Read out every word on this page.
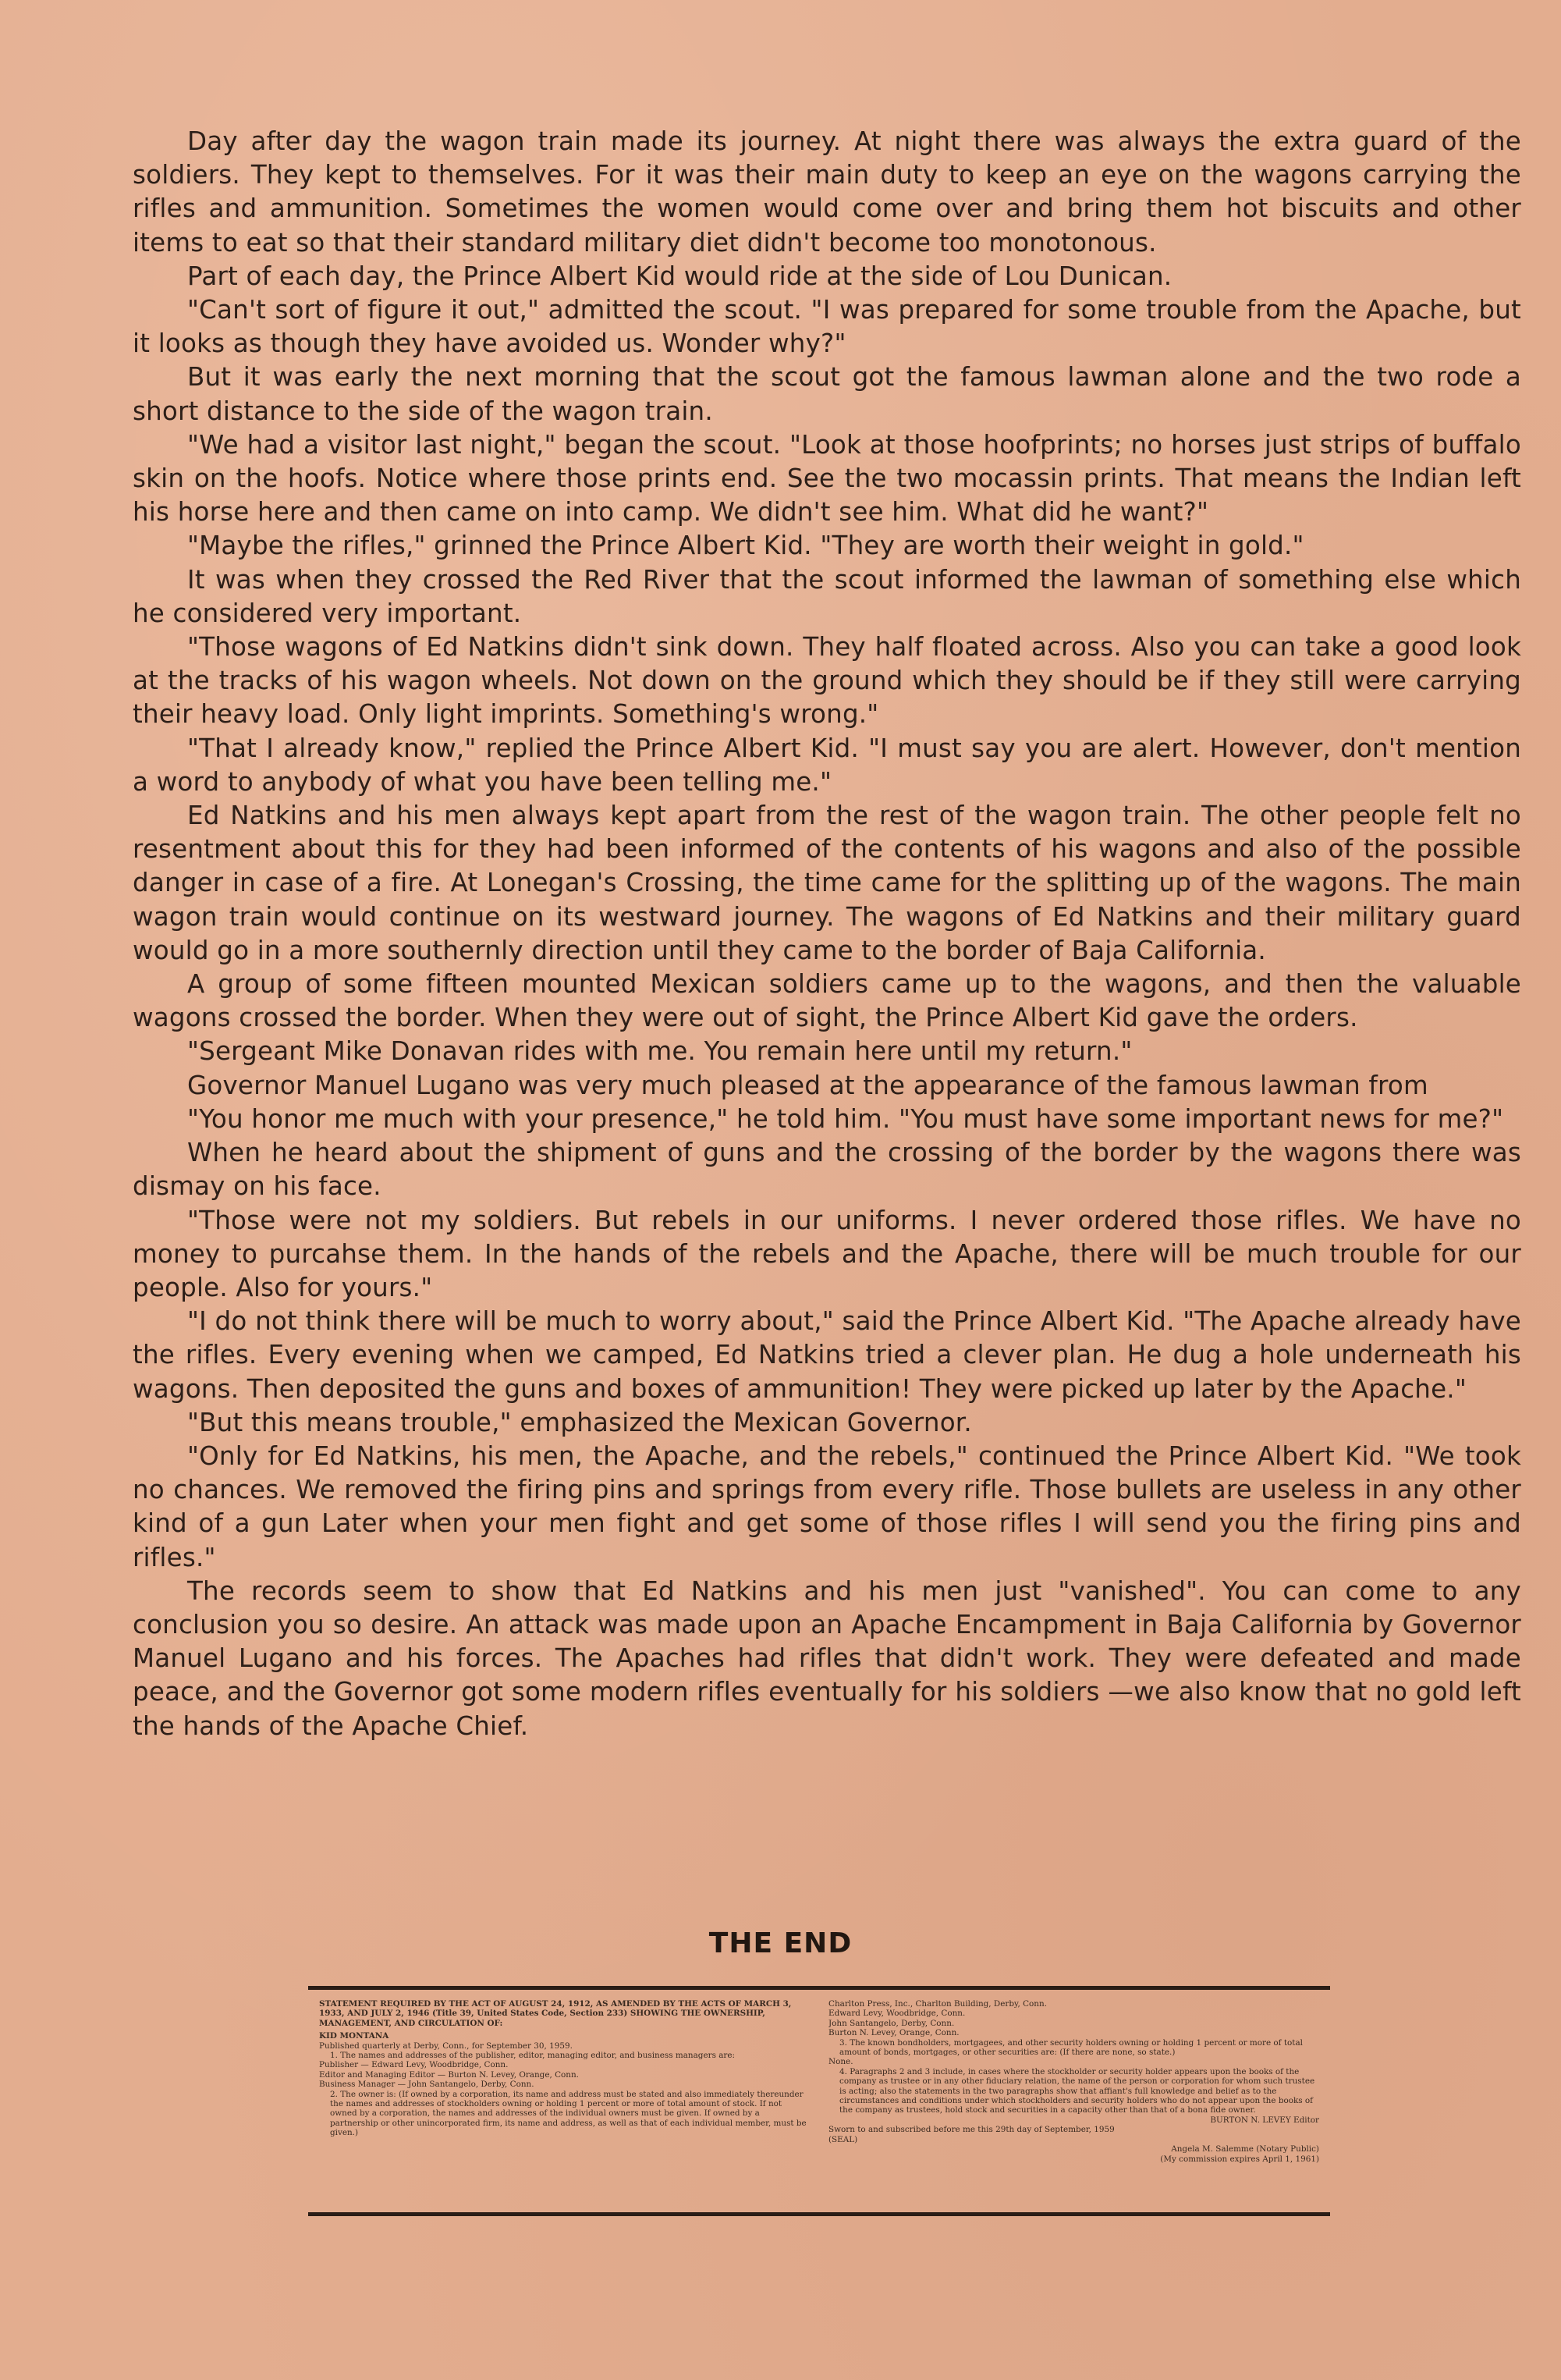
Day after day the wagon train made its journey. At night there was always the extra guard of the soldiers. They kept to themselves. For it was their main duty to keep an eye on the wagons carrying the rifles and ammunition. Sometimes the women would come over and bring them hot biscuits and other items to eat so that their standard military diet didn't become too monotonous.

Part of each day, the Prince Albert Kid would ride at the side of Lou Dunican.

"Can't sort of figure it out," admitted the scout. "I was prepared for some trouble from the Apache, but it looks as though they have avoided us. Wonder why?"

But it was early the next morning that the scout got the famous lawman alone and the two rode a short distance to the side of the wagon train.

"We had a visitor last night," began the scout. "Look at those hoofprints; no horses just strips of buffalo skin on the hoofs. Notice where those prints end. See the two mocassin prints. That means the Indian left his horse here and then came on into camp. We didn't see him. What did he want?"

"Maybe the rifles," grinned the Prince Albert Kid. "They are worth their weight in gold."

It was when they crossed the Red River that the scout informed the lawman of something else which he considered very important.

"Those wagons of Ed Natkins didn't sink down. They half floated across. Also you can take a good look at the tracks of his wagon wheels. Not down on the ground which they should be if they still were carrying their heavy load. Only light imprints. Something's wrong."

"That I already know," replied the Prince Albert Kid. "I must say you are alert. However, don't mention a word to anybody of what you have been telling me."

Ed Natkins and his men always kept apart from the rest of the wagon train. The other people felt no resentment about this for they had been informed of the contents of his wagons and also of the possible danger in case of a fire. At Lonegan's Crossing, the time came for the splitting up of the wagons. The main wagon train would continue on its westward journey. The wagons of Ed Natkins and their military guard would go in a more southernly direction until they came to the border of Baja California.

A group of some fifteen mounted Mexican soldiers came up to the wagons, and then the valuable wagons crossed the border. When they were out of sight, the Prince Albert Kid gave the orders.

"Sergeant Mike Donavan rides with me. You remain here until my return."

Governor Manuel Lugano was very much pleased at the appearance of the famous lawman from

"You honor me much with your presence," he told him. "You must have some important news for me?"

When he heard about the shipment of guns and the crossing of the border by the wagons there was dismay on his face.

"Those were not my soldiers. But rebels in our uniforms. I never ordered those rifles. We have no money to purcahse them. In the hands of the rebels and the Apache, there will be much trouble for our people. Also for yours."

"I do not think there will be much to worry about," said the Prince Albert Kid. "The Apache already have the rifles. Every evening when we camped, Ed Natkins tried a clever plan. He dug a hole underneath his wagons. Then deposited the guns and boxes of ammunition! They were picked up later by the Apache."

"But this means trouble," emphasized the Mexican Governor.

"Only for Ed Natkins, his men, the Apache, and the rebels," continued the Prince Albert Kid. "We took no chances. We removed the firing pins and springs from every rifle. Those bullets are useless in any other kind of a gun Later when your men fight and get some of those rifles I will send you the firing pins and rifles."

The records seem to show that Ed Natkins and his men just "vanished". You can come to any conclusion you so desire. An attack was made upon an Apache Encampment in Baja California by Governor Manuel Lugano and his forces. The Apaches had rifles that didn't work. They were defeated and made peace, and the Governor got some modern rifles eventually for his soldiers —we also know that no gold left the hands of the Apache Chief.

THE END
STATEMENT REQUIRED BY THE ACT OF AUGUST 24, 1912, AS AMENDED BY THE ACTS OF MARCH 3, 1933, AND JULY 2, 1946 (Title 39, United States Code, Section 233) SHOWING THE OWNERSHIP, MANAGEMENT, AND CIRCULATION OF:
KID MONTANA
Published quarterly at Derby, Conn., for September 30, 1959.
1. The names and addresses of the publisher, editor, managing editor, and business managers are:
Publisher — Edward Levy, Woodbridge, Conn.
Editor and Managing Editor — Burton N. Levey, Orange, Conn.
Business Manager — John Santangelo, Derby, Conn.
2. The owner is: (If owned by a corporation, its name and address must be stated and also immediately thereunder the names and addresses of stockholders owning or holding 1 percent or more of total amount of stock. If not owned by a corporation, the names and addresses of the individual owners must be given. If owned by a partnership or other unincorporated firm, its name and address, as well as that of each individual member, must be given.)
Charlton Press, Inc., Charlton Building, Derby, Conn.
Edward Levy, Woodbridge, Conn.
John Santangelo, Derby, Conn.
Burton N. Levey, Orange, Conn.
3. The known bondholders, mortgagees, and other security holders owning or holding 1 percent or more of total amount of bonds, mortgages, or other securities are: (If there are none, so state.)
None.
4. Paragraphs 2 and 3 include, in cases where the stockholder or security holder appears upon the books of the company as trustee or in any other fiduciary relation, the name of the person or corporation for whom such trustee is acting; also the statements in the two paragraphs show that affiant's full knowledge and belief as to the circumstances and conditions under which stockholders and security holders who do not appear upon the books of the company as trustees, hold stock and securities in a capacity other than that of a bona fide owner.
BURTON N. LEVEY Editor
Sworn to and subscribed before me this 29th day of September, 1959
(SEAL)
Angela M. Salemme (Notary Public)
(My commission expires April 1, 1961)
